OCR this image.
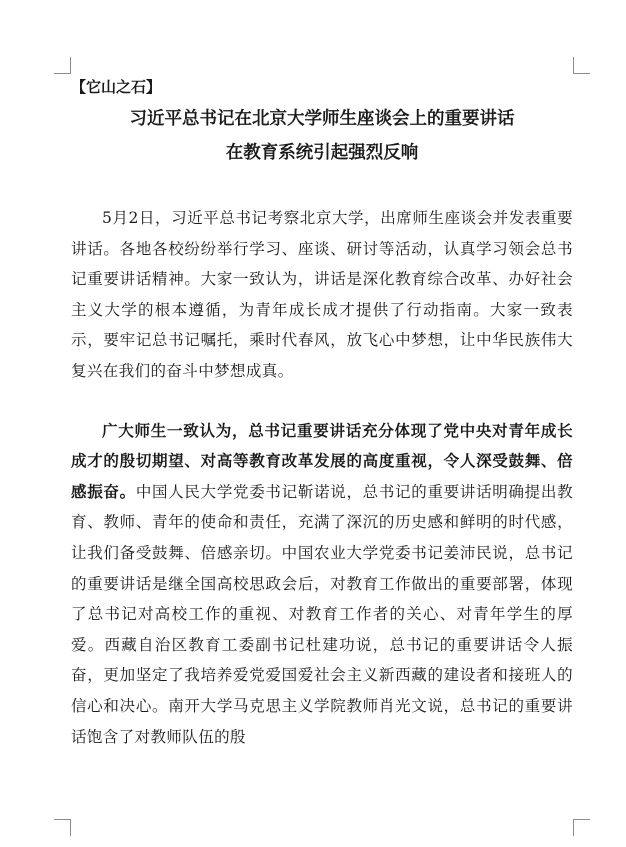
【它山之石】
习近平总书记在北京大学师生座谈会上的重要讲话
在教育系统引起强烈反响

5月2日，习近平总书记考察北京大学，出席师生座谈会并发表重要讲话。各地各校纷纷举行学习、座谈、研讨等活动，认真学习领会总书记重要讲话精神。大家一致认为，讲话是深化教育综合改革、办好社会主义大学的根本遵循，为青年成长成才提供了行动指南。大家一致表示，要牢记总书记嘱托，乘时代春风，放飞心中梦想，让中华民族伟大复兴在我们的奋斗中梦想成真。

广大师生一致认为，总书记重要讲话充分体现了党中央对青年成长成才的殷切期望、对高等教育改革发展的高度重视，令人深受鼓舞、倍感振奋。中国人民大学党委书记靳诺说，总书记的重要讲话明确提出教育、教师、青年的使命和责任，充满了深沉的历史感和鲜明的时代感，让我们备受鼓舞、倍感亲切。中国农业大学党委书记姜沛民说，总书记的重要讲话是继全国高校思政会后，对教育工作做出的重要部署，体现了总书记对高校工作的重视、对教育工作者的关心、对青年学生的厚爱。西藏自治区教育工委副书记杜建功说，总书记的重要讲话令人振奋，更加坚定了我培养爱党爱国爱社会主义新西藏的建设者和接班人的信心和决心。南开大学马克思主义学院教师肖光文说，总书记的重要讲话饱含了对教师队伍的殷
